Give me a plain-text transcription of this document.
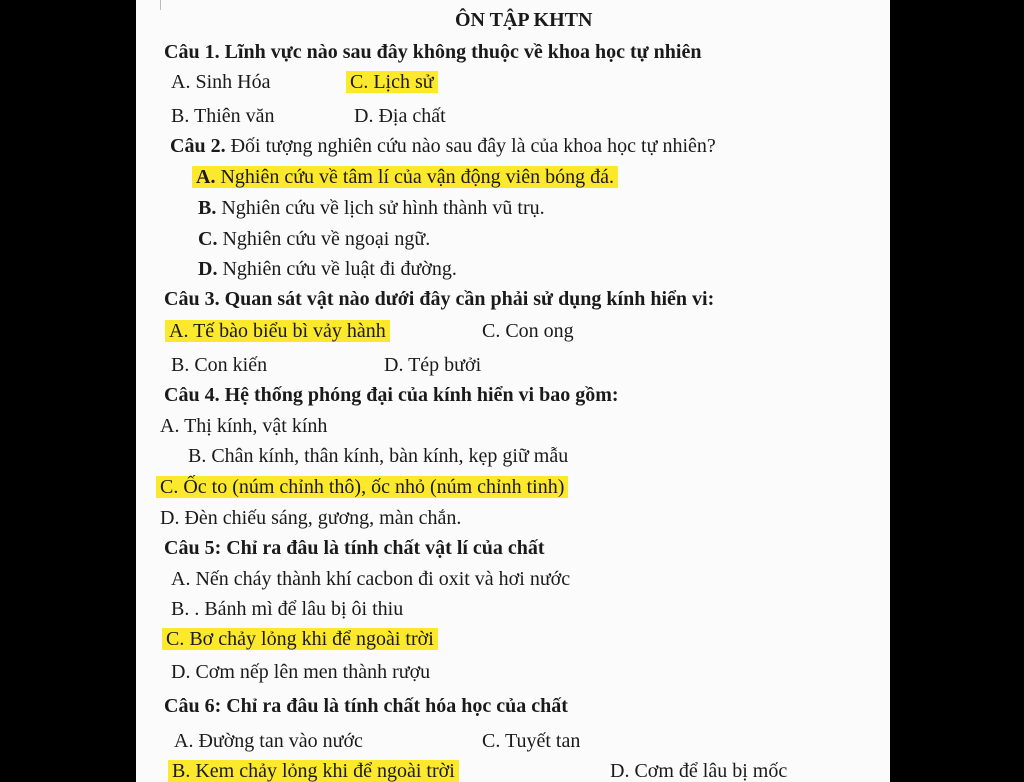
ÔN TẬP KHTN
Câu 1. Lĩnh vực nào sau đây không thuộc về khoa học tự nhiên
A. Sinh Hóa	C. Lịch sử
B. Thiên văn	D. Địa chất
Câu 2. Đối tượng nghiên cứu nào sau đây là của khoa học tự nhiên?
A. Nghiên cứu về tâm lí của vận động viên bóng đá.
B. Nghiên cứu về lịch sử hình thành vũ trụ.
C. Nghiên cứu về ngoại ngữ.
D. Nghiên cứu về luật đi đường.
Câu 3. Quan sát vật nào dưới đây cần phải sử dụng kính hiển vi:
A. Tế bào biểu bì vảy hành	C. Con ong
B. Con kiến	D. Tép bưởi
Câu 4. Hệ thống phóng đại của kính hiển vi bao gồm:
A. Thị kính, vật kính
B. Chân kính, thân kính, bàn kính, kẹp giữ mẫu
C. Ốc to (núm chỉnh thô), ốc nhỏ (núm chỉnh tinh)
D. Đèn chiếu sáng, gương, màn chắn.
Câu 5: Chỉ ra đâu là tính chất vật lí của chất
A. Nến cháy thành khí cacbon đi oxit và hơi nước
B. . Bánh mì để lâu bị ôi thiu
C. Bơ chảy lỏng khi để ngoài trời
D. Cơm nếp lên men thành rượu
Câu 6: Chỉ ra đâu là tính chất hóa học của chất
A. Đường tan vào nước	C. Tuyết tan
B. Kem chảy lỏng khi để ngoài trời	D. Cơm để lâu bị mốc
